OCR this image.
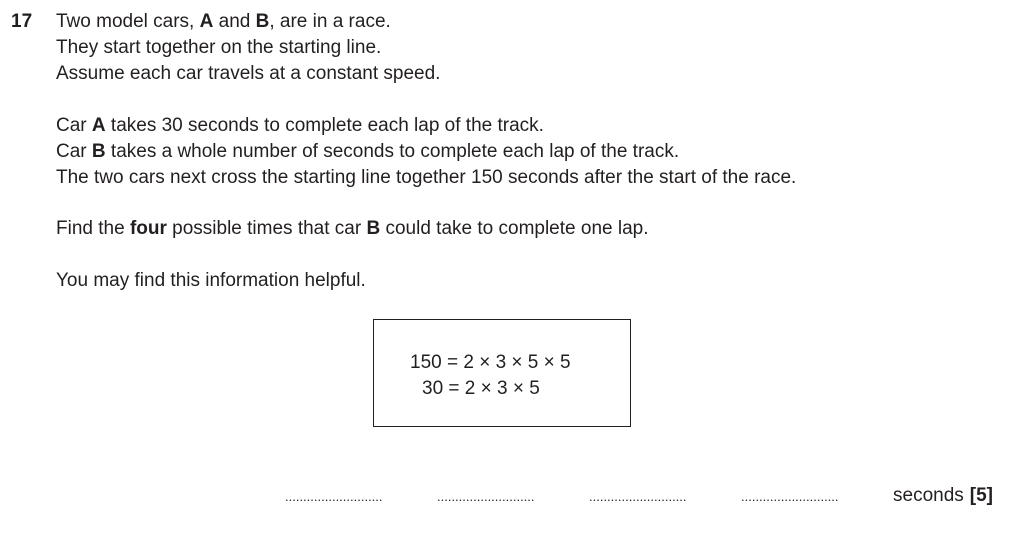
17 Two model cars, A and B, are in a race.
They start together on the starting line.
Assume each car travels at a constant speed.
Car A takes 30 seconds to complete each lap of the track.
Car B takes a whole number of seconds to complete each lap of the track.
The two cars next cross the starting line together 150 seconds after the start of the race.
Find the four possible times that car B could take to complete one lap.
You may find this information helpful.
150 = 2 × 3 × 5 × 5
30 = 2 × 3 × 5
...........................	...........................	...........................	...........................	seconds [5]
